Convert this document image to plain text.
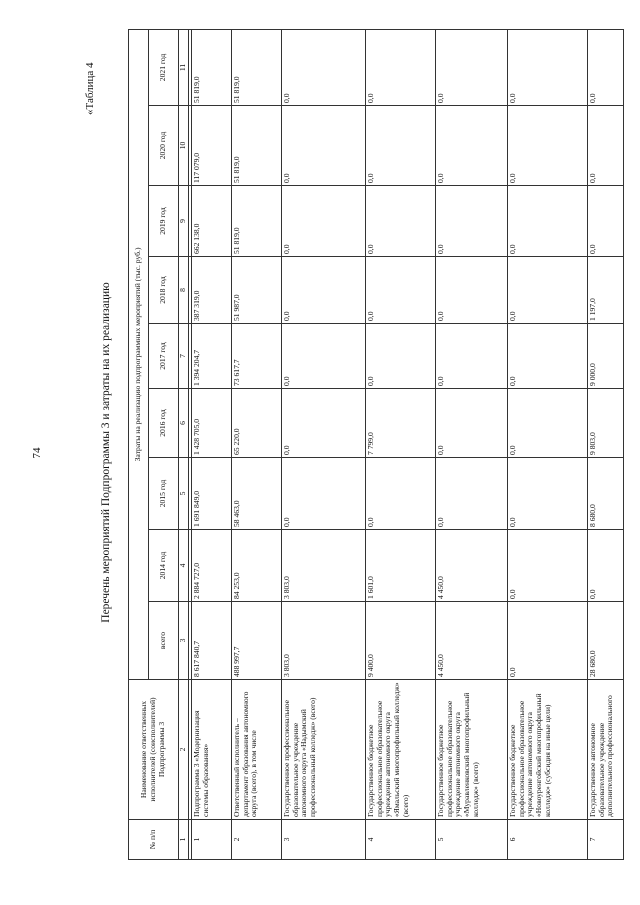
74
«Таблица 4
Перечень мероприятий Подпрограммы 3 и затраты на их реализацию
№ п/п	Наименование ответственных исполнителей (соисполнителей) Подпрограммы 3	Затраты на реализацию подпрограммных мероприятий (тыс. руб.)								
		всего	2014 год	2015 год	2016 год	2017 год	2018 год	2019 год	2020 год	2021 год
1	2	3	4	5	6	7	8	9	10	11

1	Подпрограмма 3 «Модернизация системы образования»	8 617 840,7	2 884 727,0	1 691 849,0	1 428 705,0	1 394 204,7	387 319,0	662 138,0	117 079,0	51 819,0
2	Ответственный исполнитель – департамент образования автономного округа (всего), в том числе	488 997,7	84 253,0	58 463,0	65 220,0	73 617,7	51 987,0	51 819,0	51 819,0	51 819,0
3	Государственное профессиональное образовательное учреждение автономного округа «Надымский профессиональный колледж» (всего)	3 803,0	3 803,0	0,0	0,0	0,0	0,0	0,0	0,0	0,0
4	Государственное бюджетное профессиональное образовательное учреждение автономного округа «Ямальский многопрофильный колледж» (всего)	9 400,0	1 601,0	0,0	7 799,0	0,0	0,0	0,0	0,0	0,0
5	Государственное бюджетное профессиональное образовательное учреждение автономного округа «Муравленковский многопрофильный колледж» (всего)	4 450,0	4 450,0	0,0	0,0	0,0	0,0	0,0	0,0	0,0
6	Государственное бюджетное профессиональное образовательное учреждение автономного округа «Новоуренгойский многопрофильный колледж» (субсидия на иные цели)	0,0	0,0	0,0	0,0	0,0	0,0	0,0	0,0	0,0
7	Государственное автономное образовательное учреждение дополнительного профессионального	28 680,0	0,0	8 680,0	9 803,0	9 000,0	1 197,0	0,0	0,0	0,0
